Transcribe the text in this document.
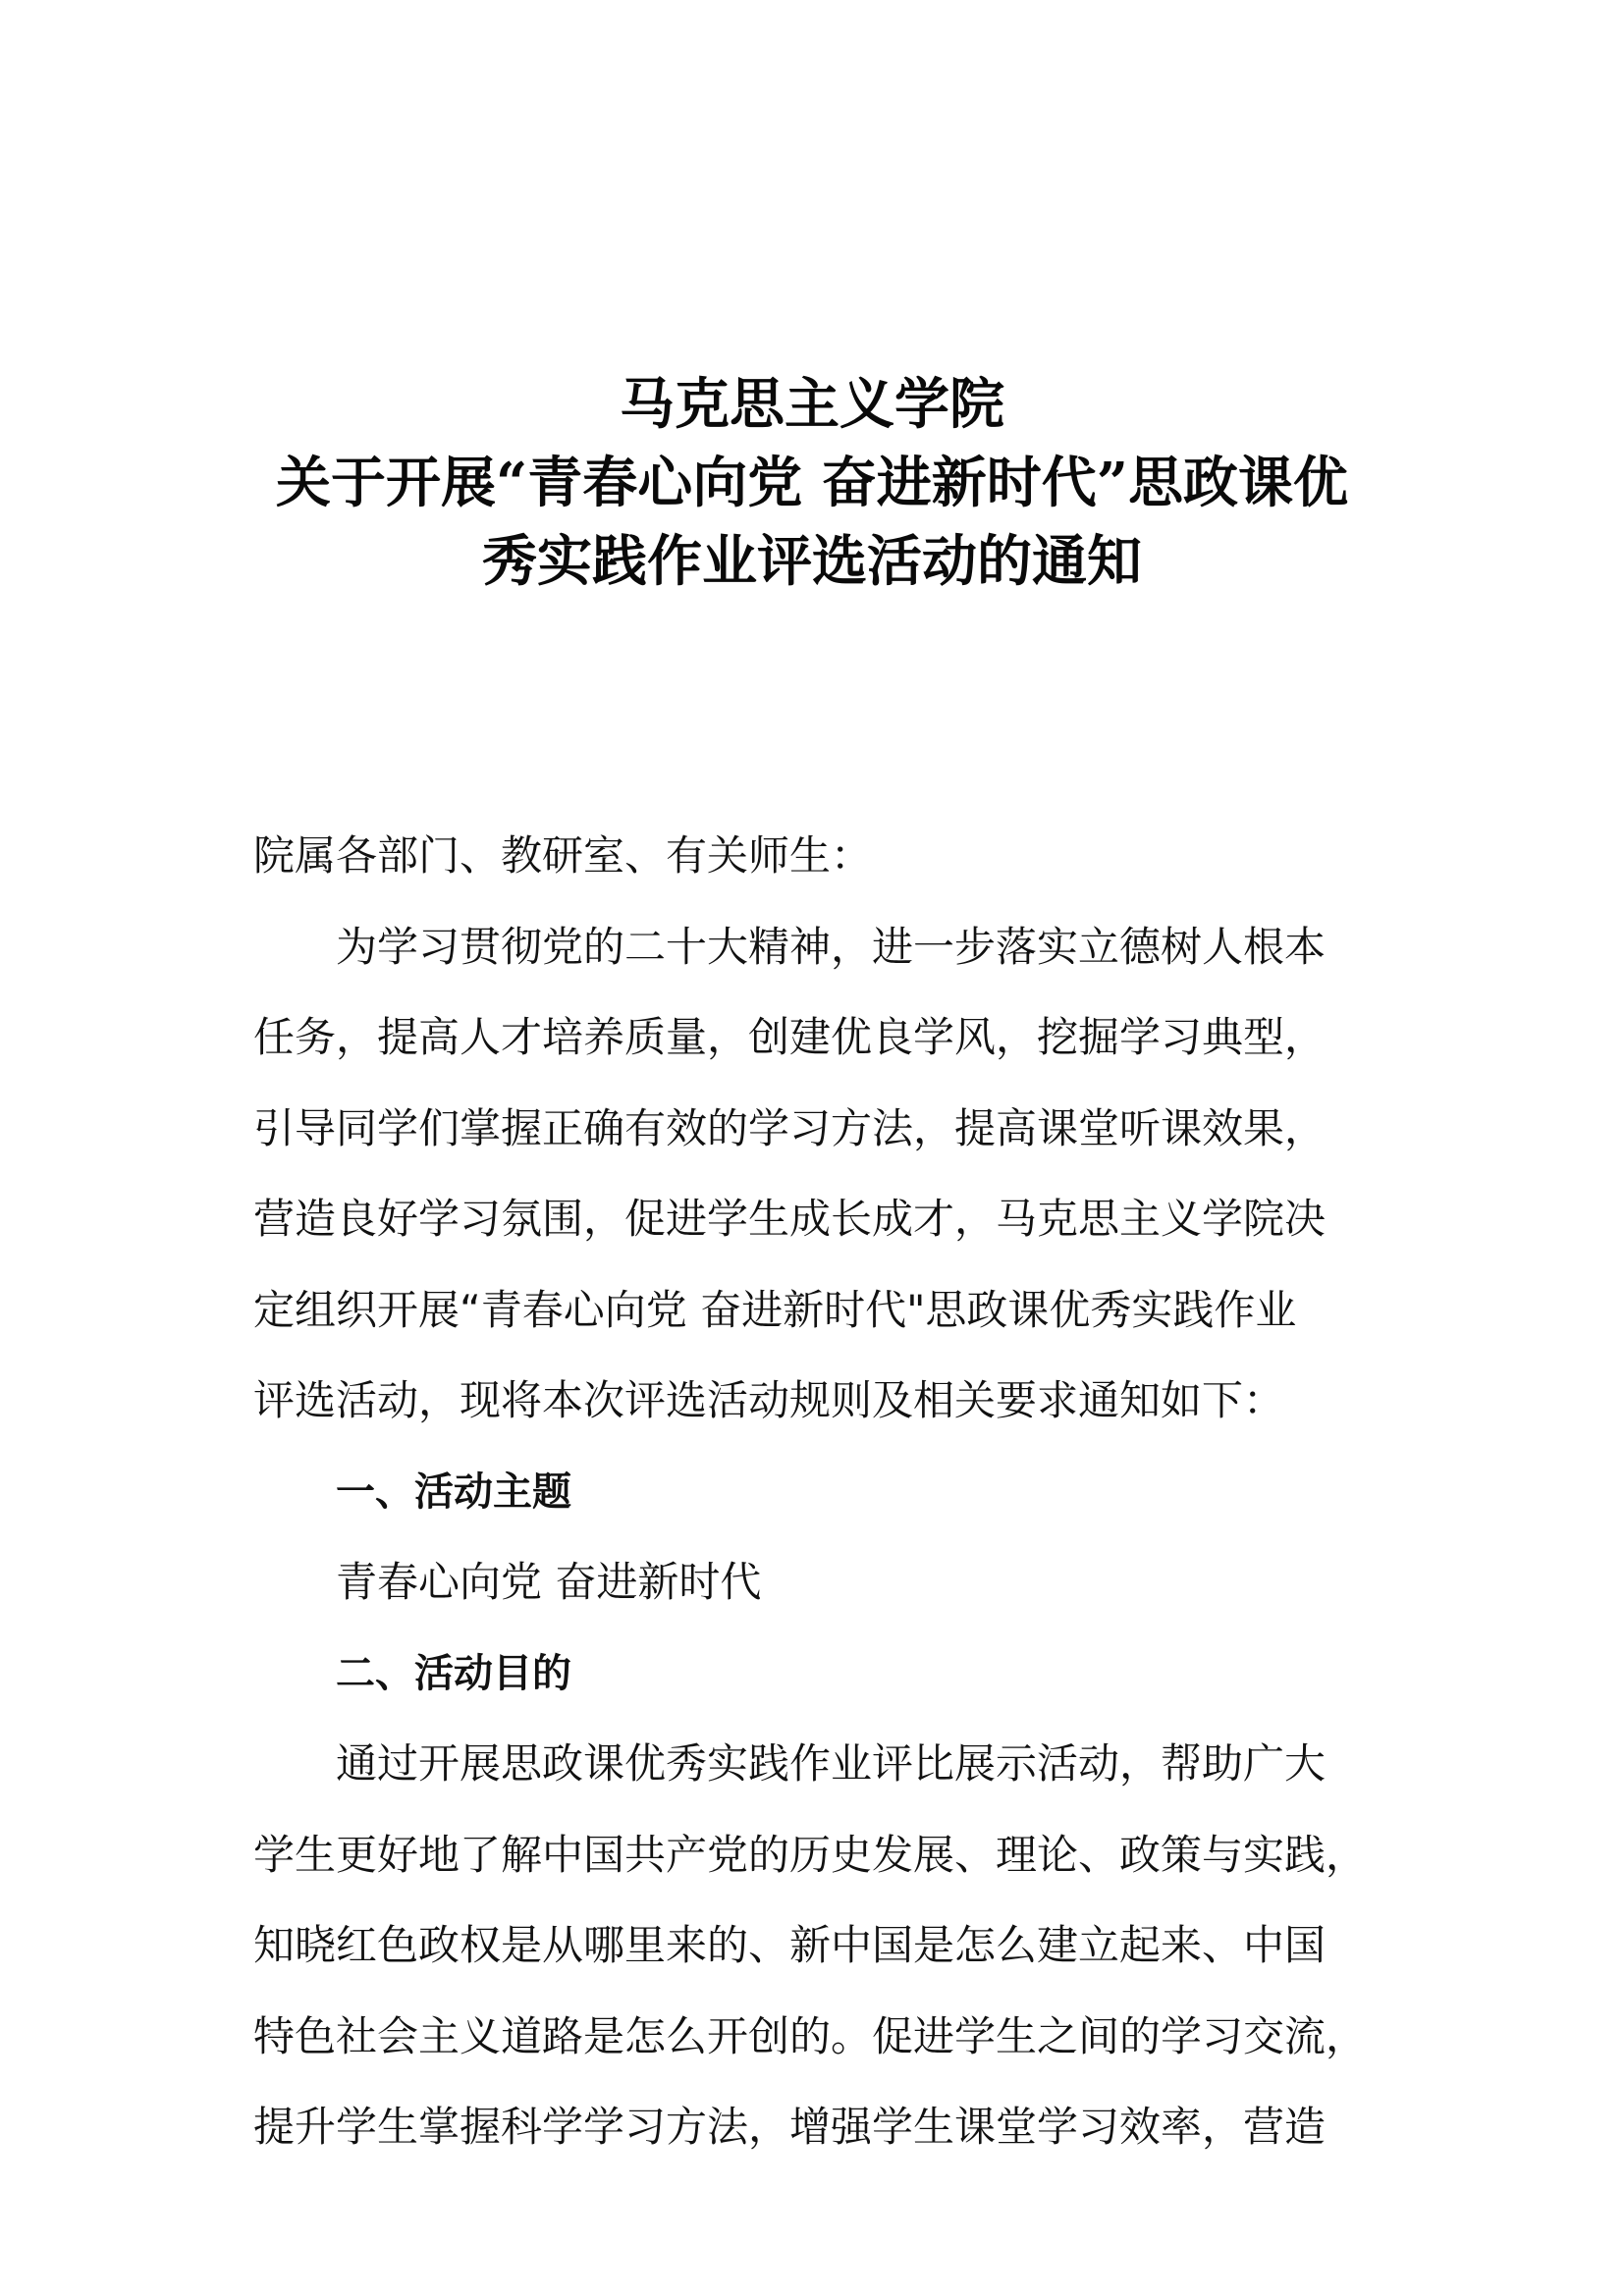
马克思主义学院
关于开展“青春心向党 奋进新时代”思政课优
秀实践作业评选活动的通知
院属各部门、教研室、有关师生：
为学习贯彻党的二十大精神，进一步落实立德树人根本
任务，提高人才培养质量，创建优良学风，挖掘学习典型，
引导同学们掌握正确有效的学习方法，提高课堂听课效果，
营造良好学习氛围，促进学生成长成才，马克思主义学院决
定组织开展“青春心向党 奋进新时代"思政课优秀实践作业
评选活动，现将本次评选活动规则及相关要求通知如下：
一、活动主题
青春心向党 奋进新时代
二、活动目的
通过开展思政课优秀实践作业评比展示活动，帮助广大
学生更好地了解中国共产党的历史发展、理论、政策与实践，
知晓红色政权是从哪里来的、新中国是怎么建立起来、中国
特色社会主义道路是怎么开创的。促进学生之间的学习交流，
提升学生掌握科学学习方法，增强学生课堂学习效率，营造
